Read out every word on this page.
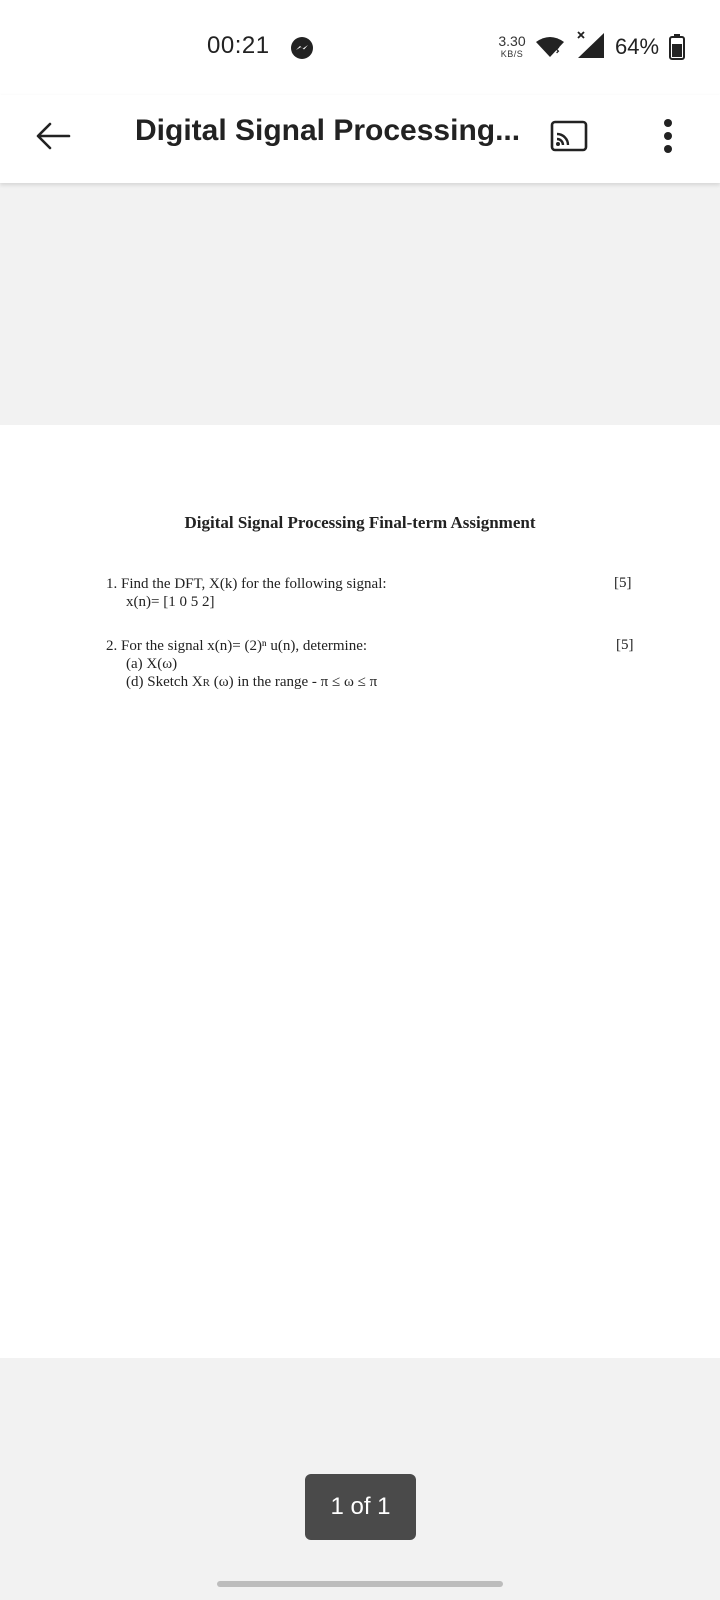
00:21	3.30
KB/S	64%
Digital Signal Processing...
Digital Signal Processing Final-term Assignment
1. Find the DFT, X(k) for the following signal:
x(n)= [1 0 5 2]
[5]
2. For the signal x(n)= (2)ⁿ u(n), determine:
(a) X(ω)
(d) Sketch XR (ω) in the range - π ≤ ω ≤ π
[5]
1 of 1
